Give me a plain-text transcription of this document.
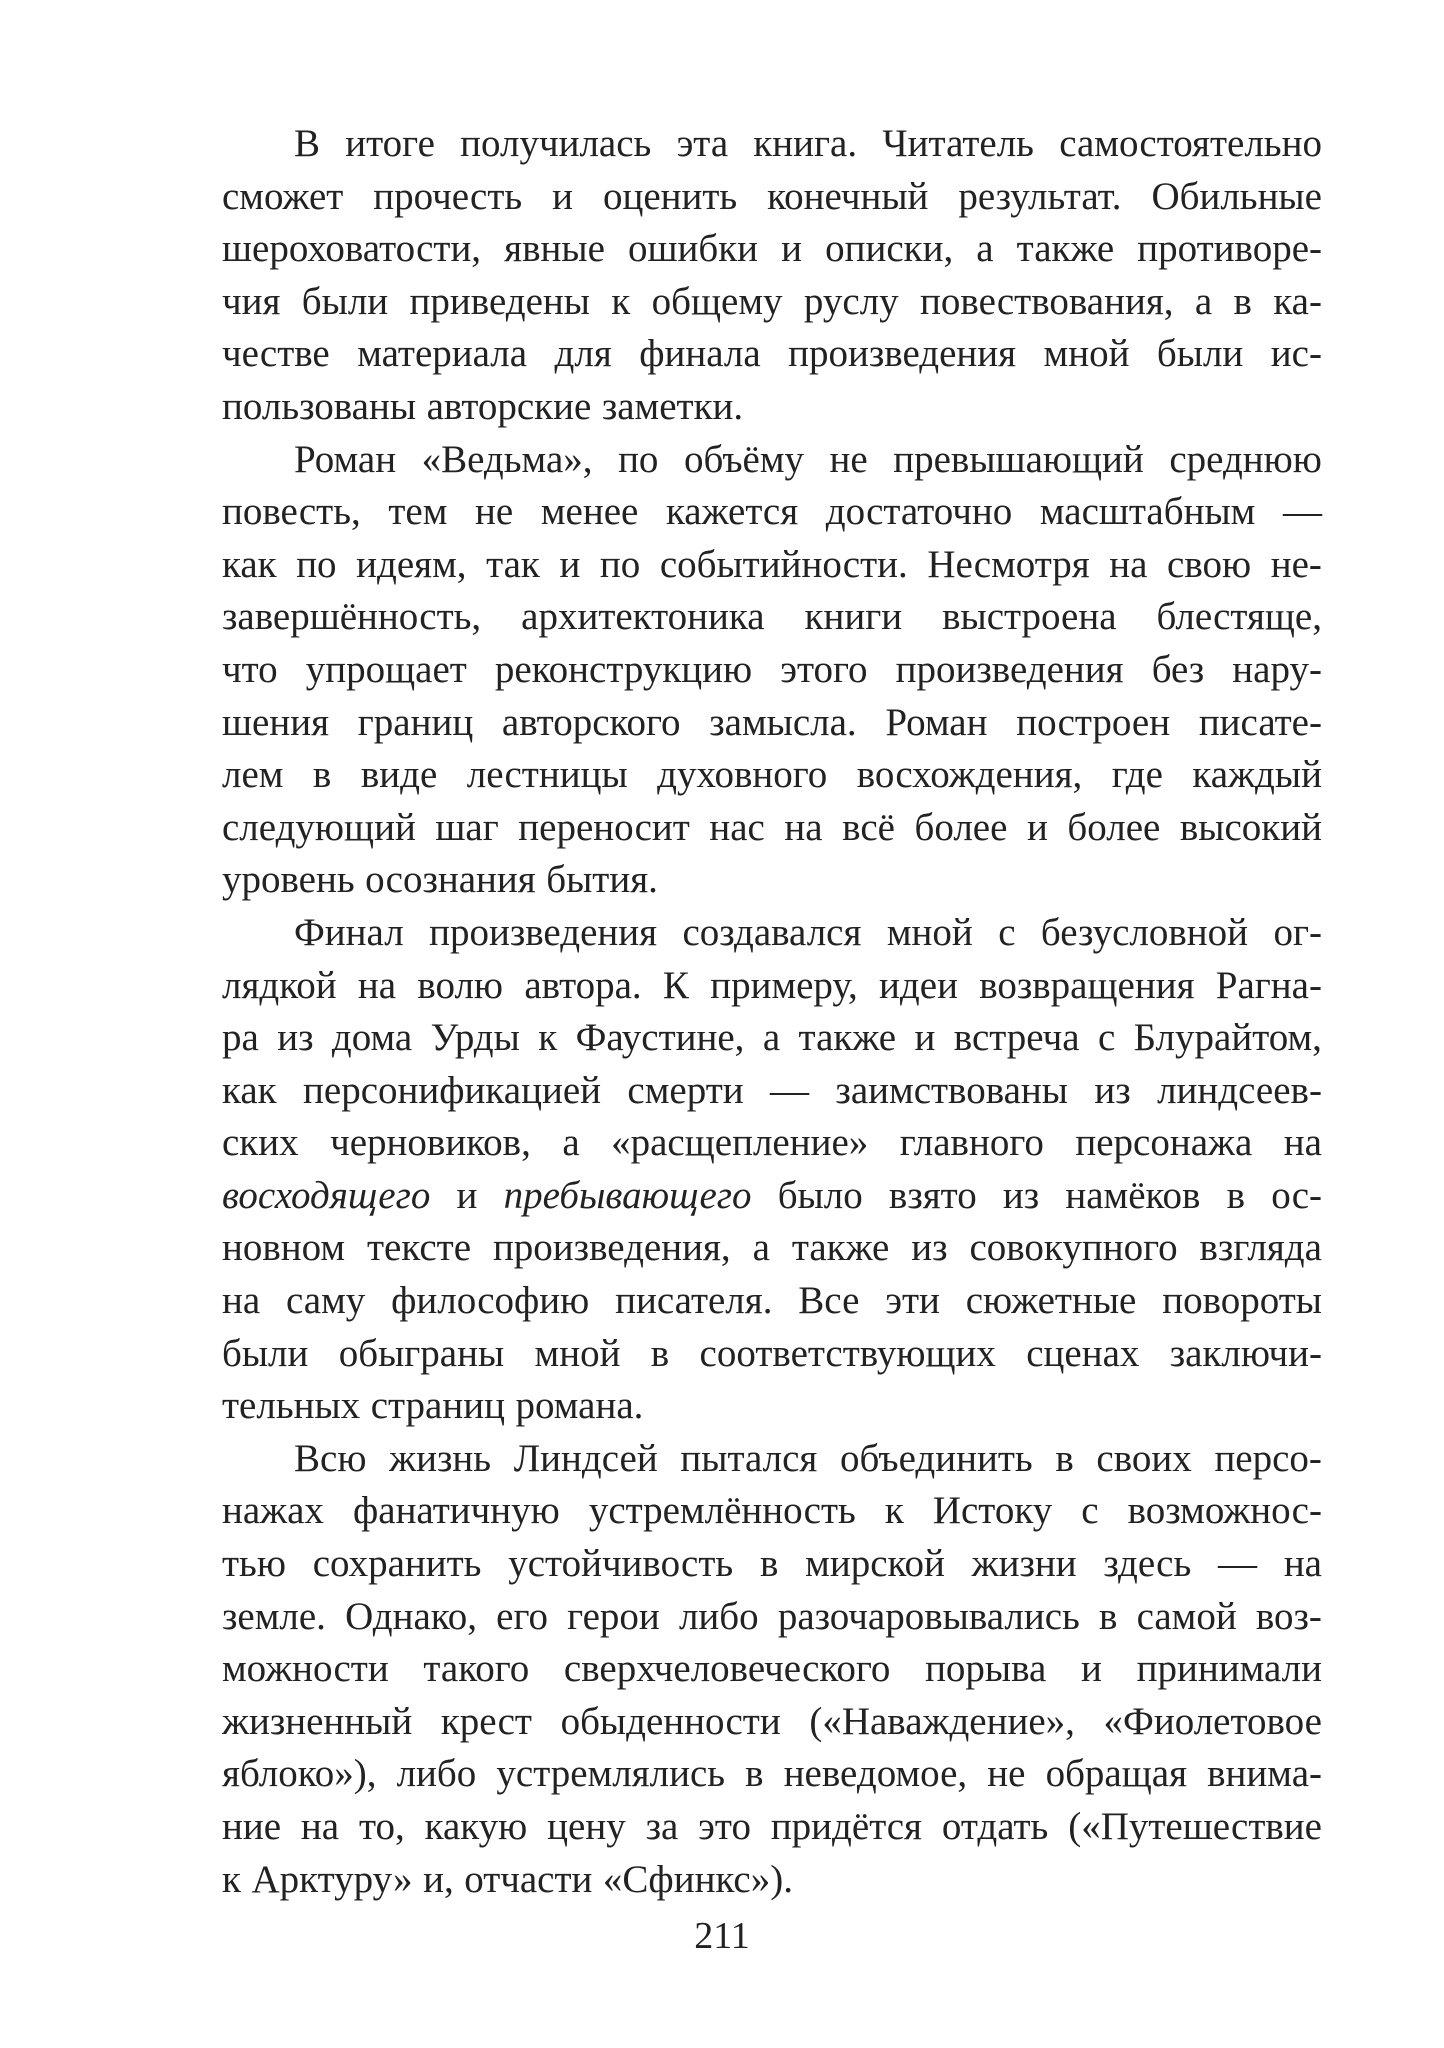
В итоге получилась эта книга. Читатель самостоятельно
сможет прочесть и оценить конечный результат. Обильные
шероховатости, явные ошибки и описки, а также противоре-
чия были приведены к общему руслу повествования, а в ка-
честве материала для финала произведения мной были ис-
пользованы авторские заметки.
Роман «Ведьма», по объёму не превышающий среднюю
повесть, тем не менее кажется достаточно масштабным —
как по идеям, так и по событийности. Несмотря на свою не-
завершённость, архитектоника книги выстроена блестяще,
что упрощает реконструкцию этого произведения без нару-
шения границ авторского замысла. Роман построен писате-
лем в виде лестницы духовного восхождения, где каждый
следующий шаг переносит нас на всё более и более высокий
уровень осознания бытия.
Финал произведения создавался мной с безусловной ог-
лядкой на волю автора. К примеру, идеи возвращения Рагна-
ра из дома Урды к Фаустине, а также и встреча с Блурайтом,
как персонификацией смерти — заимствованы из линдсеев-
ских черновиков, а «расщепление» главного персонажа на
восходящего и пребывающего было взято из намёков в ос-
новном тексте произведения, а также из совокупного взгляда
на саму философию писателя. Все эти сюжетные повороты
были обыграны мной в соответствующих сценах заключи-
тельных страниц романа.
Всю жизнь Линдсей пытался объединить в своих персо-
нажах фанатичную устремлённость к Истоку с возможнос-
тью сохранить устойчивость в мирской жизни здесь — на
земле. Однако, его герои либо разочаровывались в самой воз-
можности такого сверхчеловеческого порыва и принимали
жизненный крест обыденности («Наваждение», «Фиолетовое
яблоко»), либо устремлялись в неведомое, не обращая внима-
ние на то, какую цену за это придётся отдать («Путешествие
к Арктуру» и, отчасти «Сфинкс»).
211
